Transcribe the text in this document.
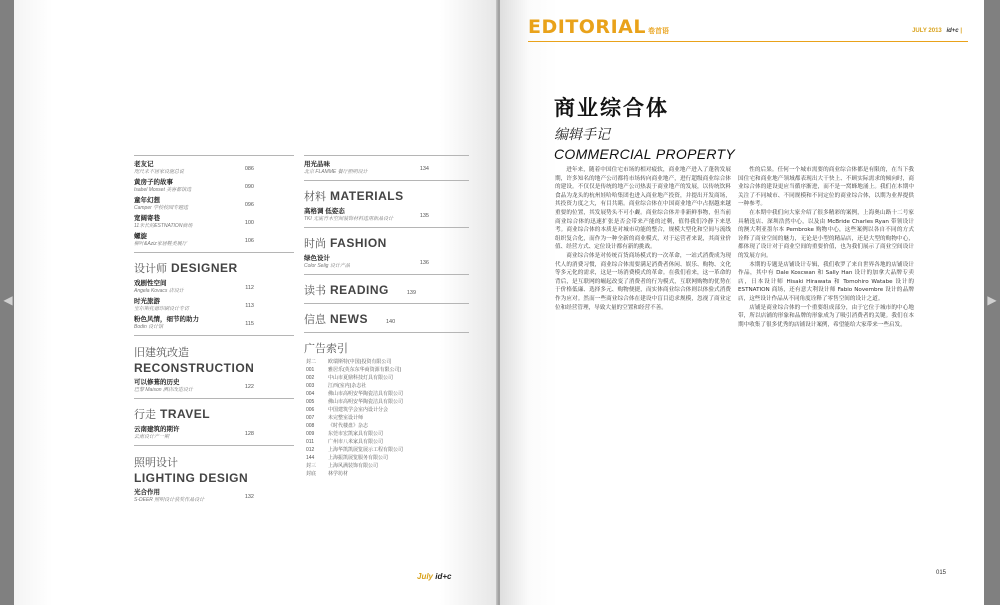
◀	▶
老友记
咫尺未不居家设施总说	086
黄房子的故事
Isabel Mosset 美容都馆选	090
童年幻想
Camper 学校校园专题选	096
宽阔寄巷
11米长的ESTNATION商场	100
螺旋
柳叶&Aziz家居鞋类展厅	106
设计师 DESIGNER
戏剧性空间
Angela Kovacs 店设计	112
时光旅游
宝尔斯托德印刷设计专访	113
粉色风情，细节的助力
Bodin 设计馆	115
旧建筑改造
RECONSTRUCTION
可以修葺的历史
巴黎 Maison 酒店改造设计	122
行走 TRAVEL
云南建筑的期许
云南设计产一期	128
照明设计
LIGHTING DESIGN
光合作用
S-DEER 照明设计获奖作品设计	132
用光品味
北京 FLAMME 餐厅照明设计	134
材料 MATERIALS
高格调 低姿态
TKI 无底竹木空间装饰材料选用新品设计	135
时尚 FASHION
绿色设计
Color Selig 设计产品	136
读书 READING	139
信息 NEWS	140
广告索引
封二	欧瑞斯特(中国)投资有限公司
001	雅居乐(英东东华商资源有限公司)
002	中山市夏鼎科技灯具有限公司
003	江西(室内)杂志社
004	佛山市高明安华陶瓷洁具有限公司
005	佛山市高明安华陶瓷洁具有限公司
006	中国建筑学会室内设计分会
007	未完整室设计师
008	《时代楼盘》杂志
009	东莞市宏凯家具有限公司
011	广州市八米家具有限公司
012	上海华凯凯展览展示工程有限公司
144	上海振凯展览服务有限公司
封三	上海风满装饰有限公司
封底	林学坊材
July id+c
EDITORIAL 卷首语	JULY 2013 id+c |
商业综合体
编辑手记
COMMERCIAL PROPERTY

进年来，随着中国住宅市场的相对疲软，商业地产进入了蓬勃发展期，许多知名的地产公司都将市场转向商业地产，进行超级商业综合体的建设。不仅仅是传统的地产公司热衷于商业地产的发展，以传统饮料食品为龙头的杭州娃哈哈集团也进入商业地产投资，并提出开发商场，其投资力度之大，有目共睹。商业综合体在中国商业地产中占据越来越重要的位置，其发展势头不可小觑。商业综合体并非新鲜事物，但当前商业综合体的迅速扩张是否会带来产能的过剩，值得我们冷静下来思考。商业综合体的本质是对城市功能的整合，规模大型化和空间与流线组织复合化，而作为一种全新的商业模式，对于运营者来说，其商业价值、经营方式、定位设计都有新的挑战。

商业综合体是对传统百货商场模式的一次革命，一站式消费成为现代人的消费习惯，商业综合体需要满足消费者休闲、娱乐、购物、文化等多元化的需求，这是一场消费模式的革命。在我们看来，这一革命的背后，是互联网的崛起改变了消费者的行为模式，互联网购物的优势在于价格低廉、选择多元、购物便捷，而实体商业综合体则以体验式消费作为应对。然而一些商业综合体在建设中盲目追求规模，忽视了商业定位和经营管理，导致大量的空置和经营不善。

性的后果。任何一个城市需要的商业综合体都是有限的，在当下我国住宅和商业地产领域都表现出大干快上、不顾实际需求的倾向时，商业综合体的建设更应当循序渐进，而不是一窝蜂地涌上。我们在本期中关注了不同城市、不同规模和不同定位的商业综合体，以期为业界提供一种参考。

在本期中我们向大家介绍了很多精彩的案例，上海奥山路十二号家具精选店、深圳浩然中心，以及由 McBride Charles Ryan 带领设计的澳大利亚墨尔本 Pembroke 购物中心，这些案例以各自不同的方式诠释了商业空间的魅力，无论是小型的精品店，还是大型的购物中心，都体现了设计对于商业空间的重要价值，也为我们展示了商业空间设计的发展方向。

本期的专题是店铺设计专辑，我们收罗了来自世界各地的店铺设计作品，其中有 Dale Koscwan 和 Sally Han 设计的加拿大品牌专卖店，日本设计师 Hisaki Hirawata 和 Tomohiro Watabe 设计的 ESTNATION 商场，还有意大利设计师 Fabio Novembre 设计的品牌店，这些设计作品从不同角度诠释了零售空间的设计之道。

店铺是商业综合体的一个重要组成部分，由于它位于城市的中心地带，所以店铺的形象和品牌的形象成为了吸引消费者的关键。我们在本期中收集了很多优秀的店铺设计案例，希望能给大家带来一些启发。

015
